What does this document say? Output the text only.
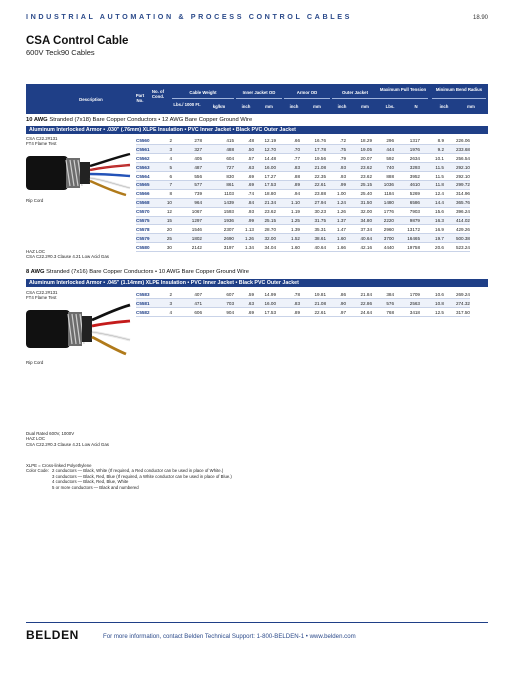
INDUSTRIAL AUTOMATION & PROCESS CONTROL CABLES	18.90
CSA Control Cable
600V Teck90 Cables
Description
Part No.
No. of Cond.
Cable Weight
Lbs./ 1000 Ft.	kg/km
Inner Jacket OD
inch	mm
Armor OD
inch	mm
Outer Jacket
inch	mm
Maximum Pull Tension
Lbs.	N
Minimum Bend Radius
inch	mm
10 AWG Stranded (7x18) Bare Copper Conductors • 12 AWG Bare Copper Ground Wire
Aluminum Interlocked Armor • .030" (.76mm) XLPE Insulation • PVC Inner Jacket • Black PVC Outer Jacket
CSA C22.2#131
FT4 Flame Test
Rip Cord
HAZ LOC
CSA C22.2#0.3 Clause 4.21 Low Acid Gas
C5560	2	278	415	.48	12.19	.66	16.76	.72	18.29	296	1317	8.9	226.06
C5561	3	327	488	.50	12.70	.70	17.78	.75	19.05	444	1976	9.2	233.68
C5562	4	405	604	.57	14.48	.77	19.56	.79	20.07	592	2634	10.1	256.54
C5563	5	487	727	.63	16.00	.83	21.08	.93	23.62	740	3293	11.5	292.10
C5564	6	556	830	.69	17.27	.88	22.35	.93	23.62	888	3952	11.5	292.10
C5565	7	577	861	.69	17.53	.89	22.61	.99	25.15	1036	4610	11.8	299.72
C5566	8	739	1103	.74	18.80	.94	23.88	1.00	25.40	1184	5269	12.4	314.96
C5568	10	964	1439	.84	21.34	1.10	27.94	1.24	31.50	1480	6586	14.4	365.76
C5570	12	1067	1593	.93	23.62	1.19	30.23	1.26	32.00	1776	7903	15.6	396.24
C5575	15	1297	1936	.99	25.15	1.25	31.75	1.37	34.80	2220	9879	16.3	414.02
C5578	20	1546	2307	1.13	28.70	1.39	35.31	1.47	37.34	2960	13172	16.9	429.26
C5579	25	1802	2690	1.26	32.00	1.52	38.61	1.60	40.64	3700	16465	19.7	500.38
C5580	30	2142	3197	1.34	34.04	1.60	40.64	1.66	42.16	4440	19758	20.6	523.24
8 AWG Stranded (7x16) Bare Copper Conductors • 10 AWG Bare Copper Ground Wire
Aluminum Interlocked Armor • .045" (1.14mm) XLPE Insulation • PVC Inner Jacket • Black PVC Outer Jacket
CSA C22.2#131
FT4 Flame Test
Rip Cord
Dual Rated 600V, 1000V
HAZ LOC
CSA C22.2#0.3 Clause 4.21 Low Acid Gas
C5583	2	407	607	.59	14.99	.78	19.81	.86	21.84	384	1709	10.6	269.24
C5581	3	471	703	.63	16.00	.83	21.08	.90	22.86	576	2563	10.8	274.32
C5582	4	606	904	.69	17.53	.89	22.61	.97	24.64	768	3418	12.5	317.50
XLPE = Cross-linked Polyethylene
Color Code: 2 conductors — Black, White (If required, a Red conductor can be used in place of White.)
3 conductors — Black, Red, Blue (If required, a White conductor can be used in place of Blue.)
4 conductors — Black, Red, Blue, White
5 or more conductors — Black and numbered
BELDEN	For more information, contact Belden Technical Support: 1-800-BELDEN-1 • www.belden.com
